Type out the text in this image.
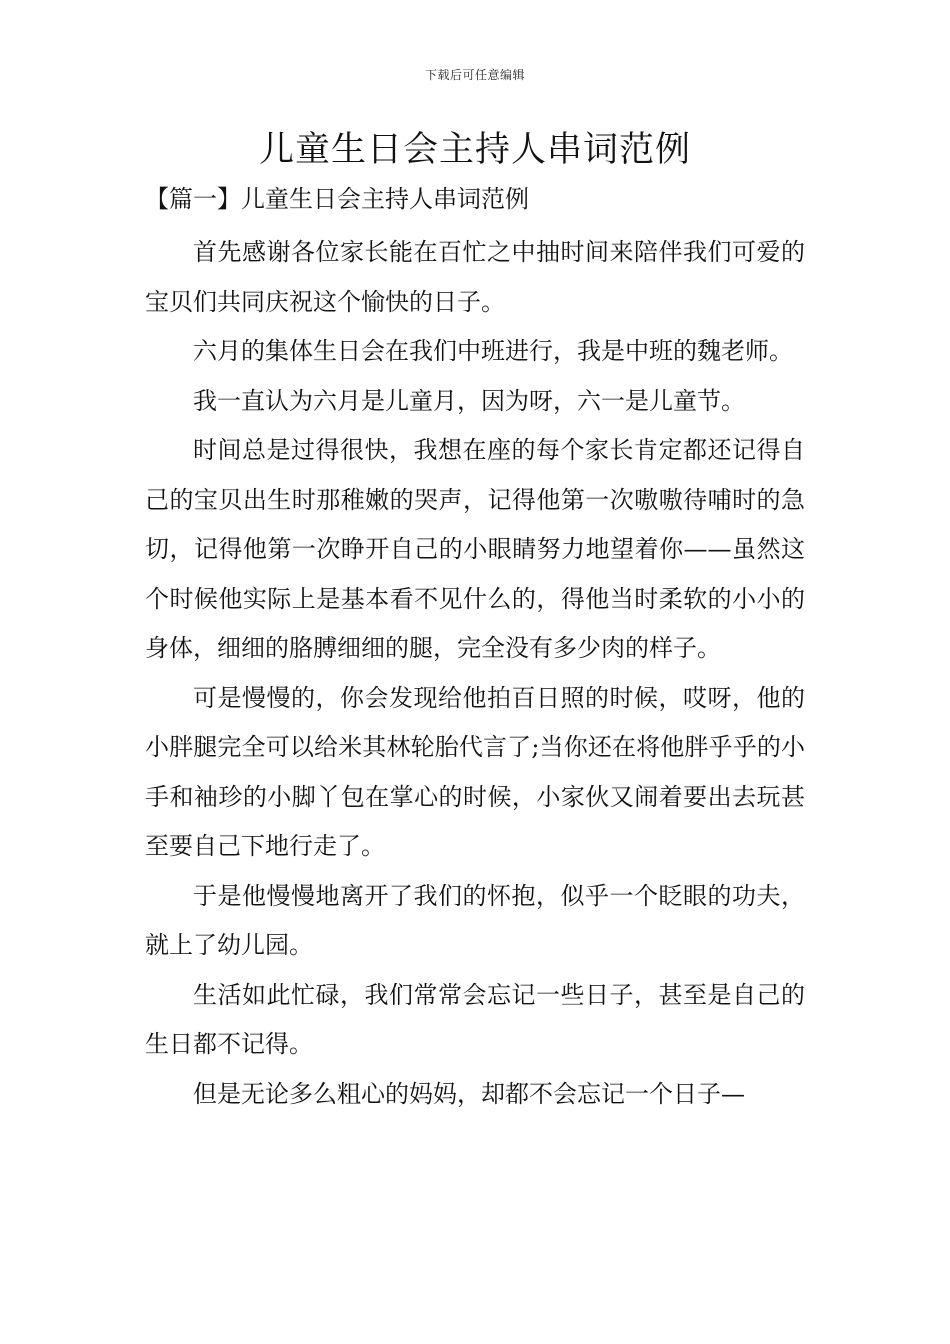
下载后可任意编辑
儿童生日会主持人串词范例
【篇一】儿童生日会主持人串词范例

首先感谢各位家长能在百忙之中抽时间来陪伴我们可爱的宝贝们共同庆祝这个愉快的日子。

六月的集体生日会在我们中班进行，我是中班的魏老师。

我一直认为六月是儿童月，因为呀，六一是儿童节。

时间总是过得很快，我想在座的每个家长肯定都还记得自己的宝贝出生时那稚嫩的哭声，记得他第一次嗷嗷待哺时的急切，记得他第一次睁开自己的小眼睛努力地望着你——虽然这个时候他实际上是基本看不见什么的，得他当时柔软的小小的身体，细细的胳膊细细的腿，完全没有多少肉的样子。

可是慢慢的，你会发现给他拍百日照的时候，哎呀，他的小胖腿完全可以给米其林轮胎代言了;当你还在将他胖乎乎的小手和袖珍的小脚丫包在掌心的时候，小家伙又闹着要出去玩甚至要自己下地行走了。

于是他慢慢地离开了我们的怀抱，似乎一个眨眼的功夫，就上了幼儿园。

生活如此忙碌，我们常常会忘记一些日子，甚至是自己的生日都不记得。

但是无论多么粗心的妈妈，却都不会忘记一个日子—
